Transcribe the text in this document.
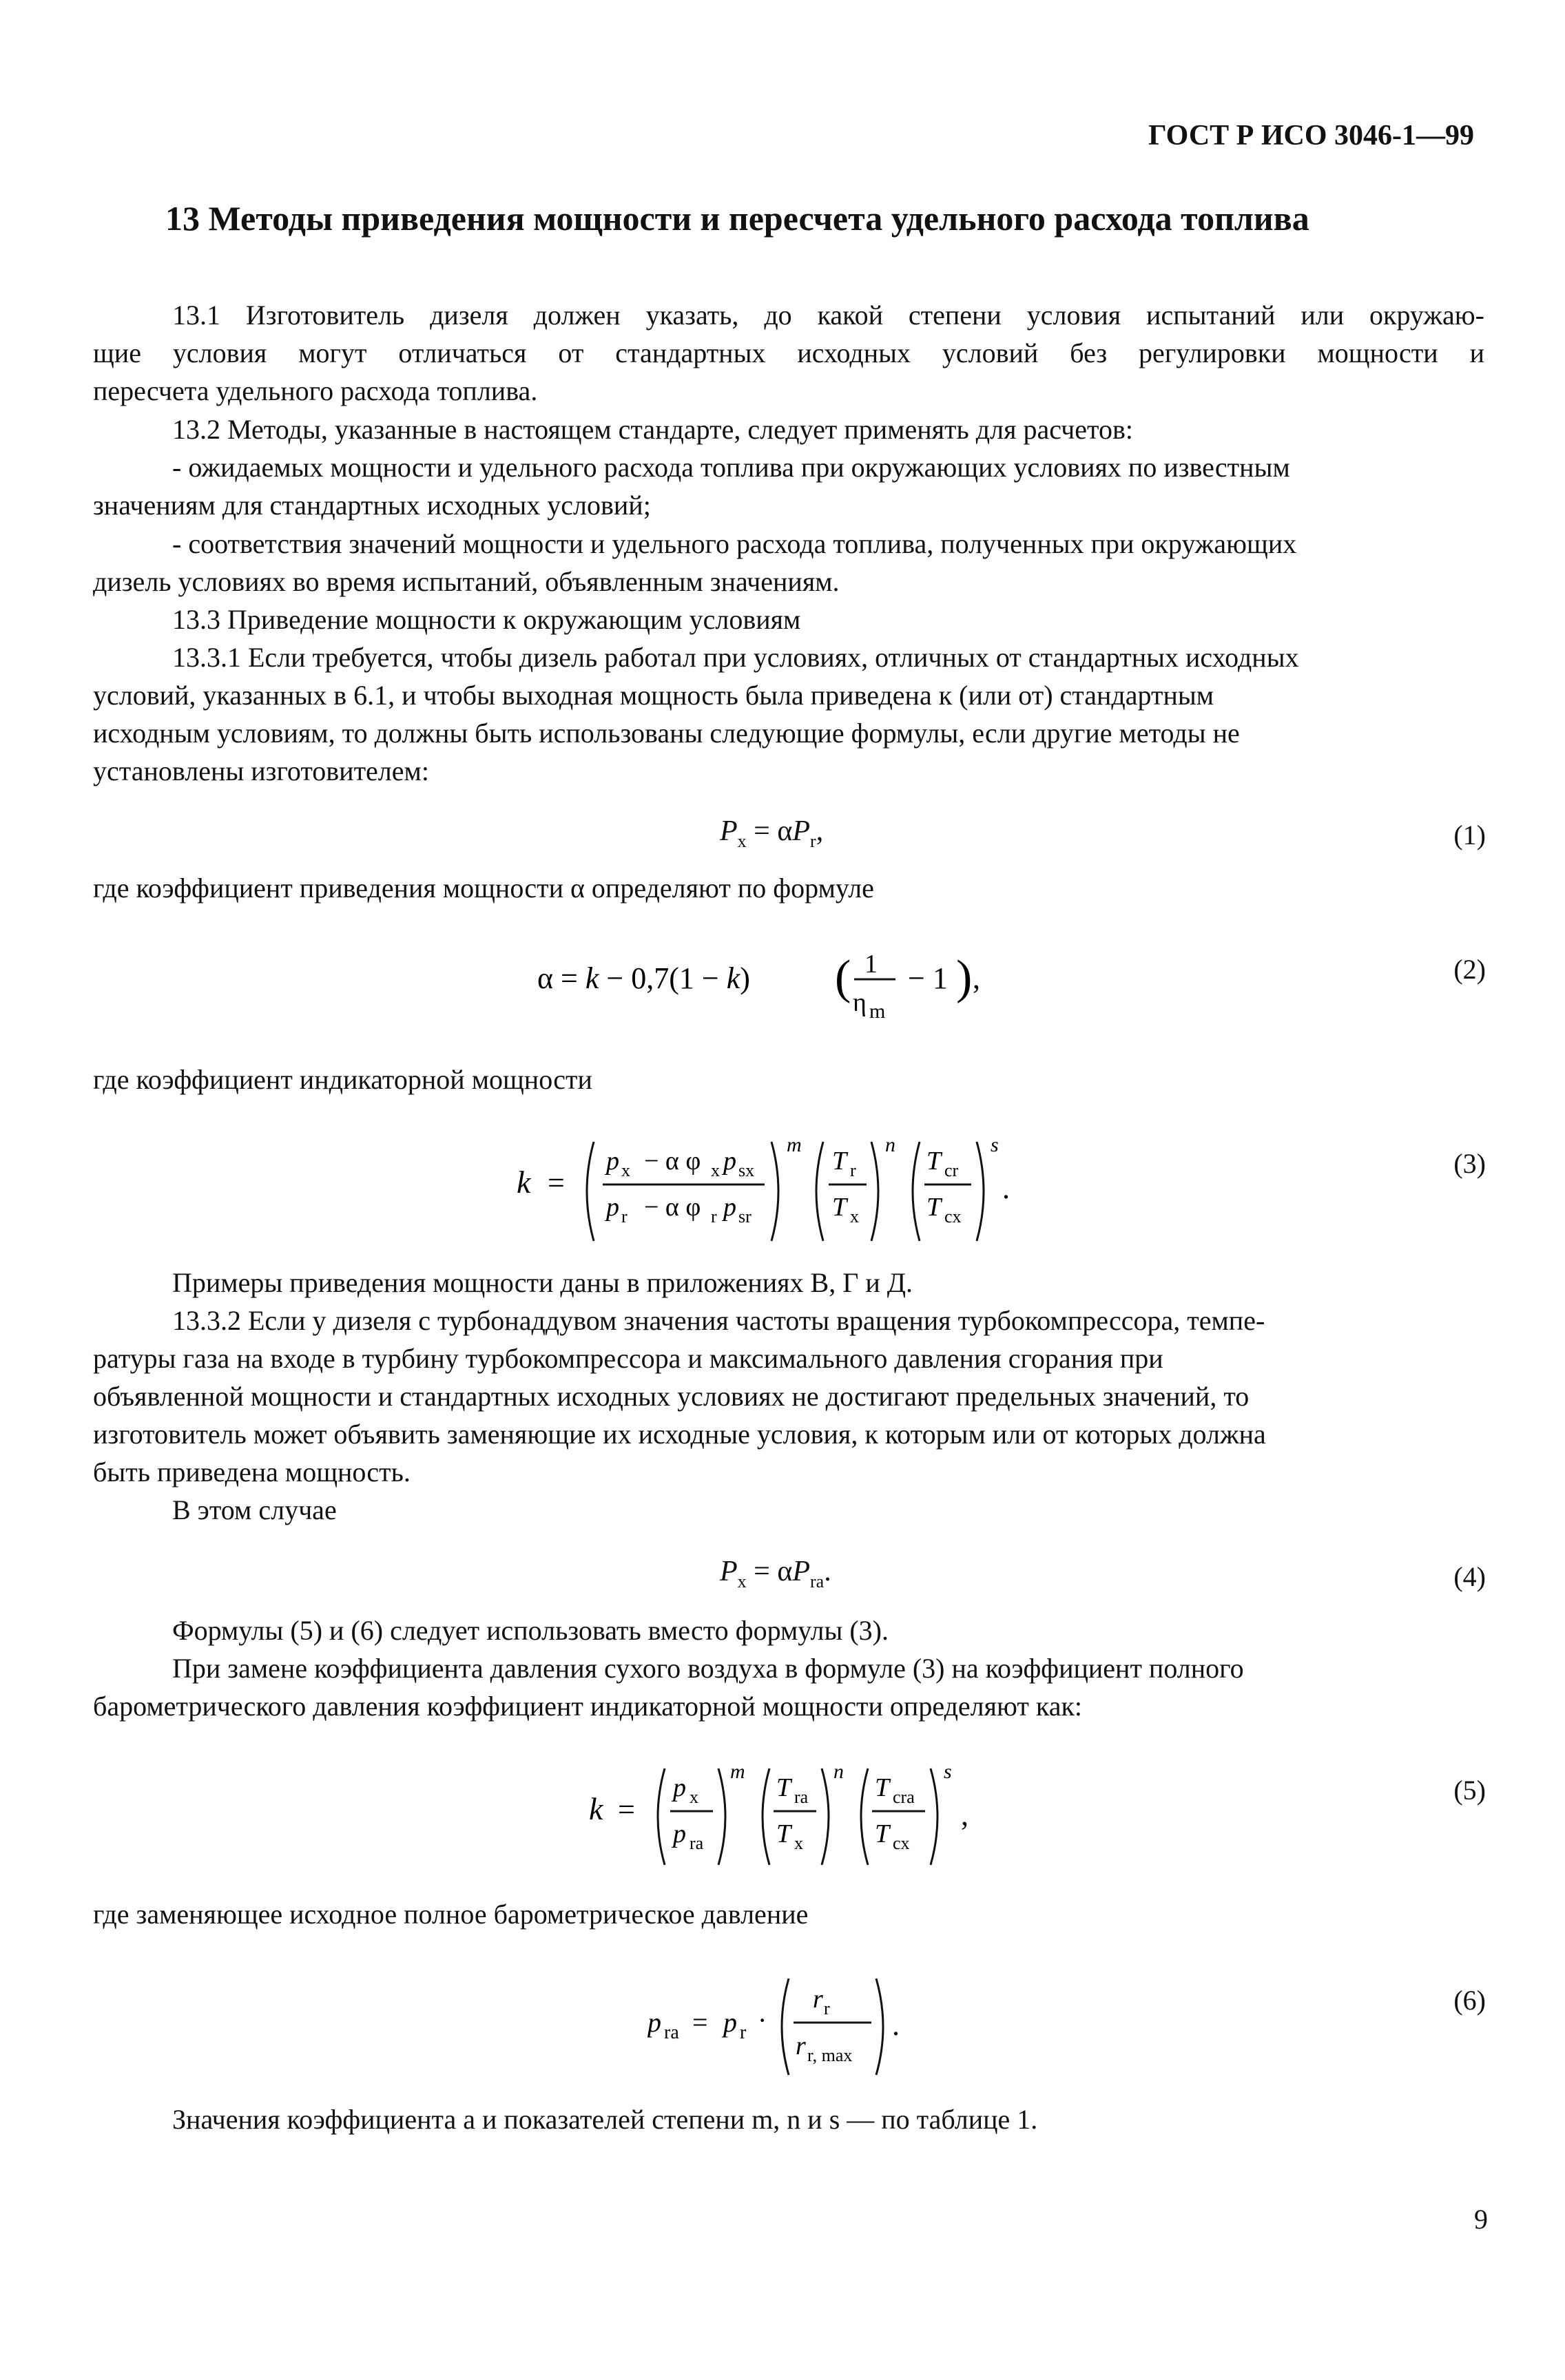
ГОСТ Р ИСО 3046-1—99
13 Методы приведения мощности и пересчета удельного расхода топлива
13.1 Изготовитель дизеля должен указать, до какой степени условия испытаний или окружаю-
щие условия могут отличаться от стандартных исходных условий без регулировки мощности и
пересчета удельного расхода топлива.
13.2 Методы, указанные в настоящем стандарте, следует применять для расчетов:
- ожидаемых мощности и удельного расхода топлива при окружающих условиях по известным
значениям для стандартных исходных условий;
- соответствия значений мощности и удельного расхода топлива, полученных при окружающих
дизель условиях во время испытаний, объявленным значениям.
13.3 Приведение мощности к окружающим условиям
13.3.1 Если требуется, чтобы дизель работал при условиях, отличных от стандартных исходных
условий, указанных в 6.1, и чтобы выходная мощность была приведена к (или от) стандартным
исходным условиям, то должны быть использованы следующие формулы, если другие методы не
установлены изготовителем:
$P_x = \alpha P_r$,	(1)
где коэффициент приведения мощности α определяют по формуле
α = k − 0,7(1 − k) ( 1
η m
− 1 ) ,	(2)
где коэффициент индикаторной мощности
k =
p x − α φ x p sx
p r − α φ r p sr
m
T r
T x
n
T cr
T cx
s
.
(3)
Примеры приведения мощности даны в приложениях В, Г и Д.
13.3.2 Если у дизеля с турбонаддувом значения частоты вращения турбокомпрессора, темпе-
ратуры газа на входе в турбину турбокомпрессора и максимального давления сгорания при
объявленной мощности и стандартных исходных условиях не достигают предельных значений, то
изготовитель может объявить заменяющие их исходные условия, к которым или от которых должна
быть приведена мощность.
В этом случае
$P_x = \alpha P_{ra}$.	(4)
Формулы (5) и (6) следует использовать вместо формулы (3).
При замене коэффициента давления сухого воздуха в формуле (3) на коэффициент полного
барометрического давления коэффициент индикаторной мощности определяют как:
k =
p x
p ra
m
T ra
T x
n
T cra
T cx
s
,
(5)
где заменяющее исходное полное барометрическое давление
p ra = p r ·
r r
r r, max
.
(6)
Значения коэффициента a и показателей степени m, n и s — по таблице 1.
9
